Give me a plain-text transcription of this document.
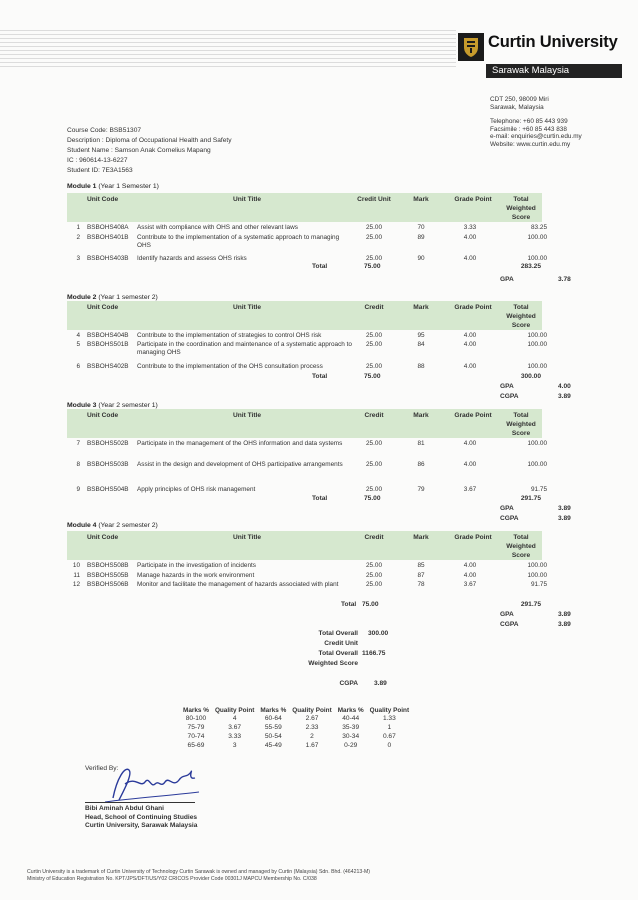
Curtin University
Sarawak Malaysia
CDT 250, 98009 Miri
Sarawak, Malaysia
Telephone: +60 85 443 939
Facsimile : +60 85 443 838
e-mail: enquiries@curtin.edu.my
Website: www.curtin.edu.my
Course Code: BSB51307
Description : Diploma of Occupational Health and Safety
Student Name : Samson Anak Cornelius Mapang
IC : 960614-13-6227
Student ID: 7E3A1563
Module 1 (Year 1 Semester 1)
Unit Code	Unit Title	Credit Unit	Mark	Grade Point	Total Weighted Score
1 BSBOHS408A Assist with compliance with OHS and other relevant laws	25.00	70	3.33	83.25
2 BSBOHS401B Contribute to the implementation of a systematic approach to managing OHS
25.00	89	4.00	100.00
3 BSBOHS403B Identify hazards and assess OHS risks	25.00	90	4.00	100.00
Total	75.00	283.25
GPA	3.78
Module 2 (Year 1 semester 2)
Unit Code	Unit Title	Credit	Mark	Grade Point	Total Weighted Score
4 BSBOHS404B Contribute to the implementation of strategies to control OHS risk	25.00	95	4.00	100.00
5 BSBOHS501B Participate in the coordination and maintenance of a systematic approach to managing OHS
25.00	84	4.00	100.00
6 BSBOHS402B Contribute to the implementation of the OHS consultation process	25.00	88	4.00	100.00
Total	75.00	300.00
GPA	4.00
CGPA	3.89
Module 3 (Year 2 semester 1)
Unit Code	Unit Title	Credit	Mark	Grade Point	Total Weighted Score
7 BSBOHS502B Participate in the management of the OHS information and data systems	25.00	81	4.00	100.00
8 BSBOHS503B Assist in the design and development of OHS participative arrangements	25.00	86	4.00	100.00
9 BSBOHS504B Apply principles of OHS risk management	25.00	79	3.67	91.75
Total	75.00	291.75
GPA	3.89
CGPA	3.89
Module 4 (Year 2 semester 2)
Unit Code	Unit Title	Credit	Mark	Grade Point	Total Weighted Score
10 BSBOHS508B Participate in the investigation of incidents	25.00	85	4.00	100.00
11 BSBOHS505B Manage hazards in the work environment	25.00	87	4.00	100.00
12 BSBOHS506B Monitor and facilitate the management of hazards associated with plant	25.00	78	3.67	91.75
Total 75.00	291.75
GPA	3.89
CGPA	3.89
Total Overall Credit Unit
300.00
Total Overall Weighted Score
1166.75
CGPA 3.89
Marks %	Quality Point	Marks %	Quality Point	Marks %	Quality Point
80-100	4	60-64	2.67	40-44	1.33
75-79	3.67	55-59	2.33	35-39	1
70-74	3.33	50-54	2	30-34	0.67
65-69	3	45-49	1.67	0-29	0
Verified By:
Bibi Aminah Abdul Ghani
Head, School of Continuing Studies
Curtin University, Sarawak Malaysia
Curtin University is a trademark of Curtin University of Technology Curtin Sarawak is owned and managed by Curtin (Malaysia) Sdn. Bhd. (464213-M)
Ministry of Education Registration No. KPT/JPS/DFT/US/Y02 CRICOS Provider Code 00301J MAPCU Membership No. C/038
